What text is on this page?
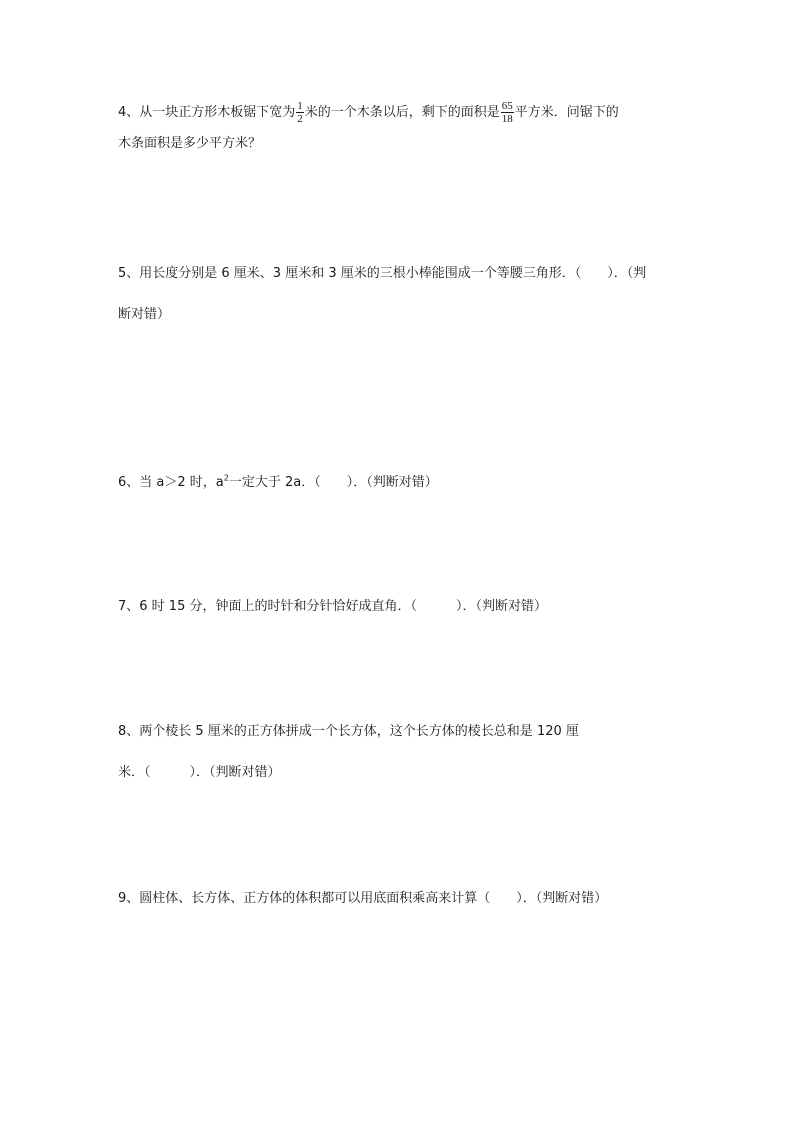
4、从一块正方形木板锯下宽为 $\frac{1}{2}$ 米的一个木条以后，剩下的面积是 $\frac{65}{18}$ 平方米．问锯下的
木条面积是多少平方米？
5、用长度分别是 6 厘米、3 厘米和 3 厘米的三根小棒能围成一个等腰三角形．（　　）．（判
断对错）
6、当 a＞2 时，$a^2$一定大于 2a．（　　）．（判断对错）
7、6 时 15 分，钟面上的时针和分针恰好成直角．（　　　）．（判断对错）
8、两个棱长 5 厘米的正方体拼成一个长方体，这个长方体的棱长总和是 120 厘
米．（　　　）．（判断对错）
9、圆柱体、长方体、正方体的体积都可以用底面积乘高来计算（　　）．（判断对错）
